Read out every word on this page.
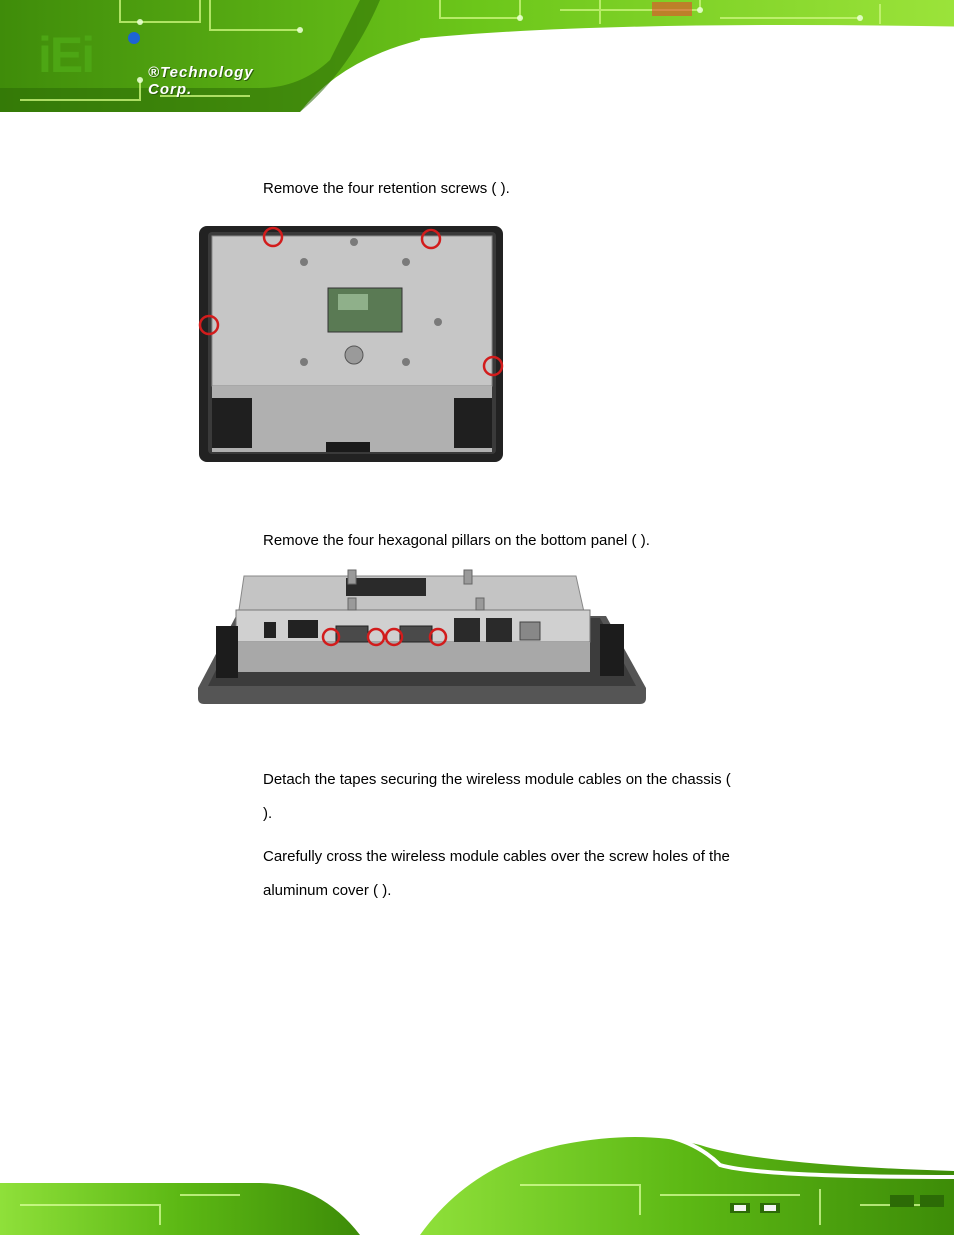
iEi	®Technology Corp.
Remove the four retention screws ( ).
Remove the four hexagonal pillars on the bottom panel ( ).
Detach the tapes securing the wireless module cables on the chassis (
).
Carefully cross the wireless module cables over the screw holes of the
aluminum cover ( ).
